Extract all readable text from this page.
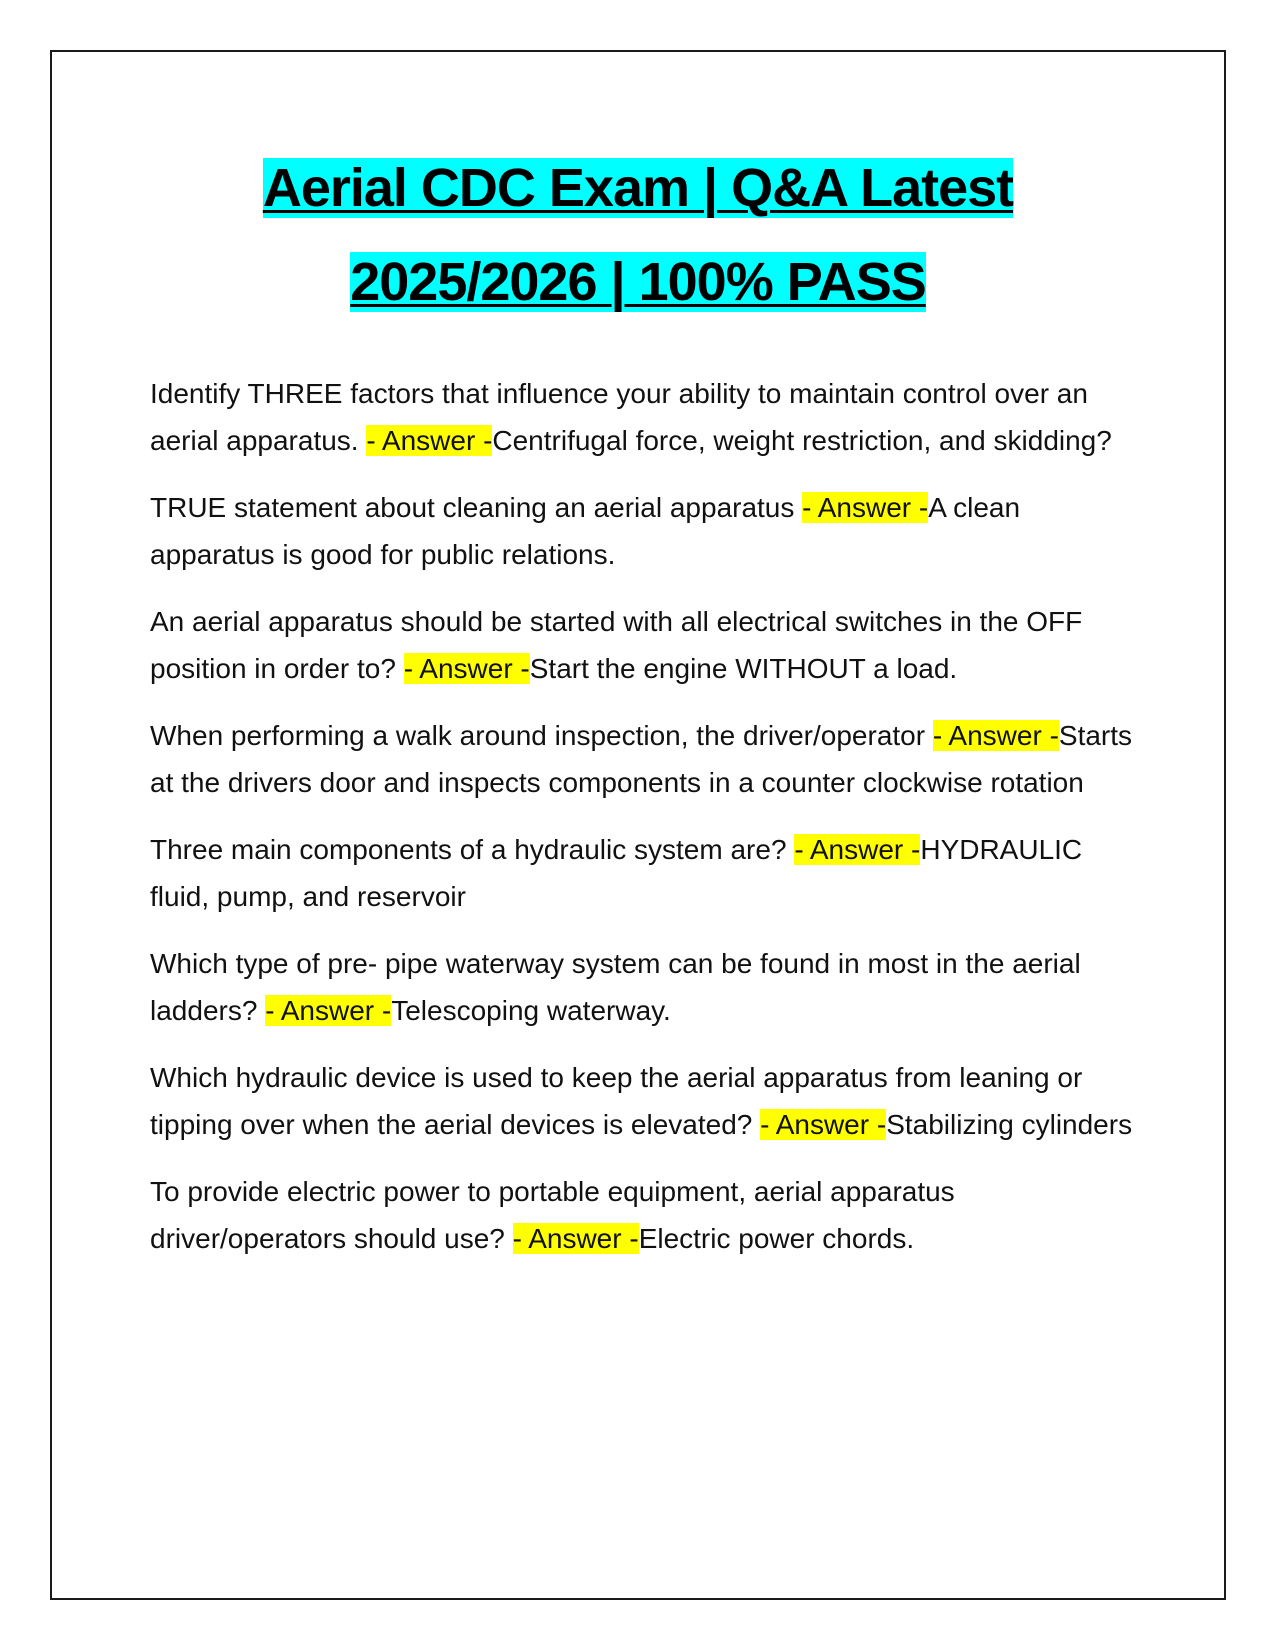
Aerial CDC Exam | Q&A Latest
2025/2026 | 100% PASS

Identify THREE factors that influence your ability to maintain control over an aerial apparatus. - Answer -Centrifugal force, weight restriction, and skidding?

TRUE statement about cleaning an aerial apparatus - Answer -A clean apparatus is good for public relations.

An aerial apparatus should be started with all electrical switches in the OFF position in order to? - Answer -Start the engine WITHOUT a load.

When performing a walk around inspection, the driver/operator - Answer -Starts at the drivers door and inspects components in a counter clockwise rotation

Three main components of a hydraulic system are? - Answer -HYDRAULIC fluid, pump, and reservoir

Which type of pre- pipe waterway system can be found in most in the aerial ladders? - Answer -Telescoping waterway.

Which hydraulic device is used to keep the aerial apparatus from leaning or tipping over when the aerial devices is elevated? - Answer -Stabilizing cylinders

To provide electric power to portable equipment, aerial apparatus driver/operators should use? - Answer -Electric power chords.
